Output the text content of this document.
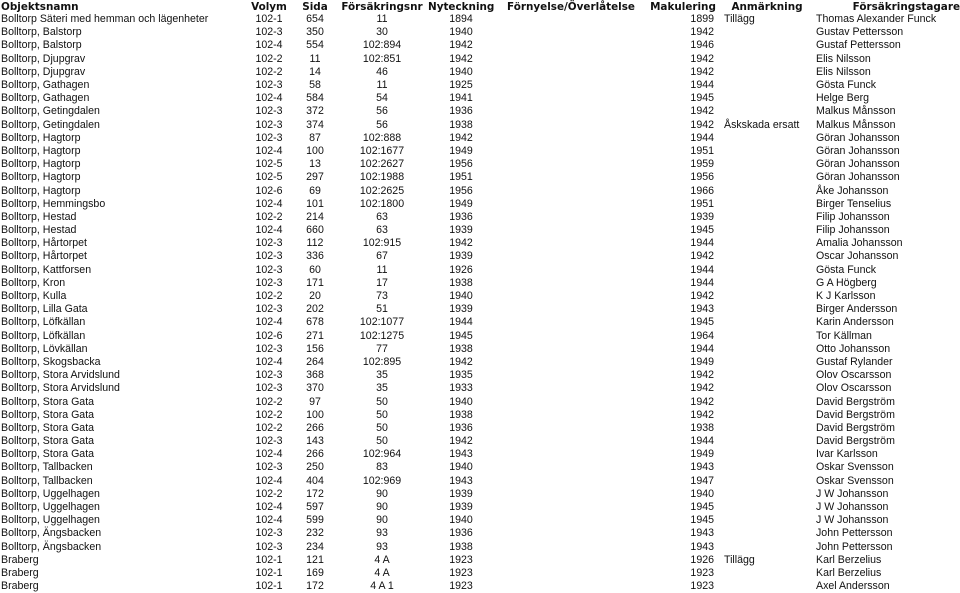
Objektsnamn	Volym	Sida	Försäkringsnr	Nyteckning	Förnyelse/Överlåtelse	Makulering	Anmärkning	Försäkringstagare
Bolltorp Säteri med hemman och lägenheter	102-1	654	11	1894		1899	Tillägg	Thomas Alexander Funck
Bolltorp, Balstorp	102-3	350	30	1940		1942		Gustav Pettersson
Bolltorp, Balstorp	102-4	554	102:894	1942		1946		Gustaf Pettersson
Bolltorp, Djupgrav	102-2	11	102:851	1942		1942		Elis Nilsson
Bolltorp, Djupgrav	102-2	14	46	1940		1942		Elis Nilsson
Bolltorp, Gathagen	102-3	58	11	1925		1944		Gösta Funck
Bolltorp, Gathagen	102-4	584	54	1941		1945		Helge Berg
Bolltorp, Getingdalen	102-3	372	56	1936		1942		Malkus Månsson
Bolltorp, Getingdalen	102-3	374	56	1938		1942	Åskskada ersatt	Malkus Månsson
Bolltorp, Hagtorp	102-3	87	102:888	1942		1944		Göran Johansson
Bolltorp, Hagtorp	102-4	100	102:1677	1949		1951		Göran Johansson
Bolltorp, Hagtorp	102-5	13	102:2627	1956		1959		Göran Johansson
Bolltorp, Hagtorp	102-5	297	102:1988	1951		1956		Göran Johansson
Bolltorp, Hagtorp	102-6	69	102:2625	1956		1966		Åke Johansson
Bolltorp, Hemmingsbo	102-4	101	102:1800	1949		1951		Birger Tenselius
Bolltorp, Hestad	102-2	214	63	1936		1939		Filip Johansson
Bolltorp, Hestad	102-4	660	63	1939		1945		Filip Johansson
Bolltorp, Hårtorpet	102-3	112	102:915	1942		1944		Amalia Johansson
Bolltorp, Hårtorpet	102-3	336	67	1939		1942		Oscar Johansson
Bolltorp, Kattforsen	102-3	60	11	1926		1944		Gösta Funck
Bolltorp, Kron	102-3	171	17	1938		1944		G A Högberg
Bolltorp, Kulla	102-2	20	73	1940		1942		K J Karlsson
Bolltorp, Lilla Gata	102-3	202	51	1939		1943		Birger Andersson
Bolltorp, Löfkällan	102-4	678	102:1077	1944		1945		Karin Andersson
Bolltorp, Löfkällan	102-6	271	102:1275	1945		1964		Tor Källman
Bolltorp, Lövkällan	102-3	156	77	1938		1944		Otto Johansson
Bolltorp, Skogsbacka	102-4	264	102:895	1942		1949		Gustaf Rylander
Bolltorp, Stora Arvidslund	102-3	368	35	1935		1942		Olov Oscarsson
Bolltorp, Stora Arvidslund	102-3	370	35	1933		1942		Olov Oscarsson
Bolltorp, Stora Gata	102-2	97	50	1940		1942		David Bergström
Bolltorp, Stora Gata	102-2	100	50	1938		1942		David Bergström
Bolltorp, Stora Gata	102-2	266	50	1936		1938		David Bergström
Bolltorp, Stora Gata	102-3	143	50	1942		1944		David Bergström
Bolltorp, Stora Gata	102-4	266	102:964	1943		1949		Ivar Karlsson
Bolltorp, Tallbacken	102-3	250	83	1940		1943		Oskar Svensson
Bolltorp, Tallbacken	102-4	404	102:969	1943		1947		Oskar Svensson
Bolltorp, Uggelhagen	102-2	172	90	1939		1940		J W Johansson
Bolltorp, Uggelhagen	102-4	597	90	1939		1945		J W Johansson
Bolltorp, Uggelhagen	102-4	599	90	1940		1945		J W Johansson
Bolltorp, Ängsbacken	102-3	232	93	1936		1943		John Pettersson
Bolltorp, Ängsbacken	102-3	234	93	1938		1943		John Pettersson
Braberg	102-1	121	4 A	1923		1926	Tillägg	Karl Berzelius
Braberg	102-1	169	4 A	1923		1923		Karl Berzelius
Braberg	102-1	172	4 A 1	1923		1923		Axel Andersson
